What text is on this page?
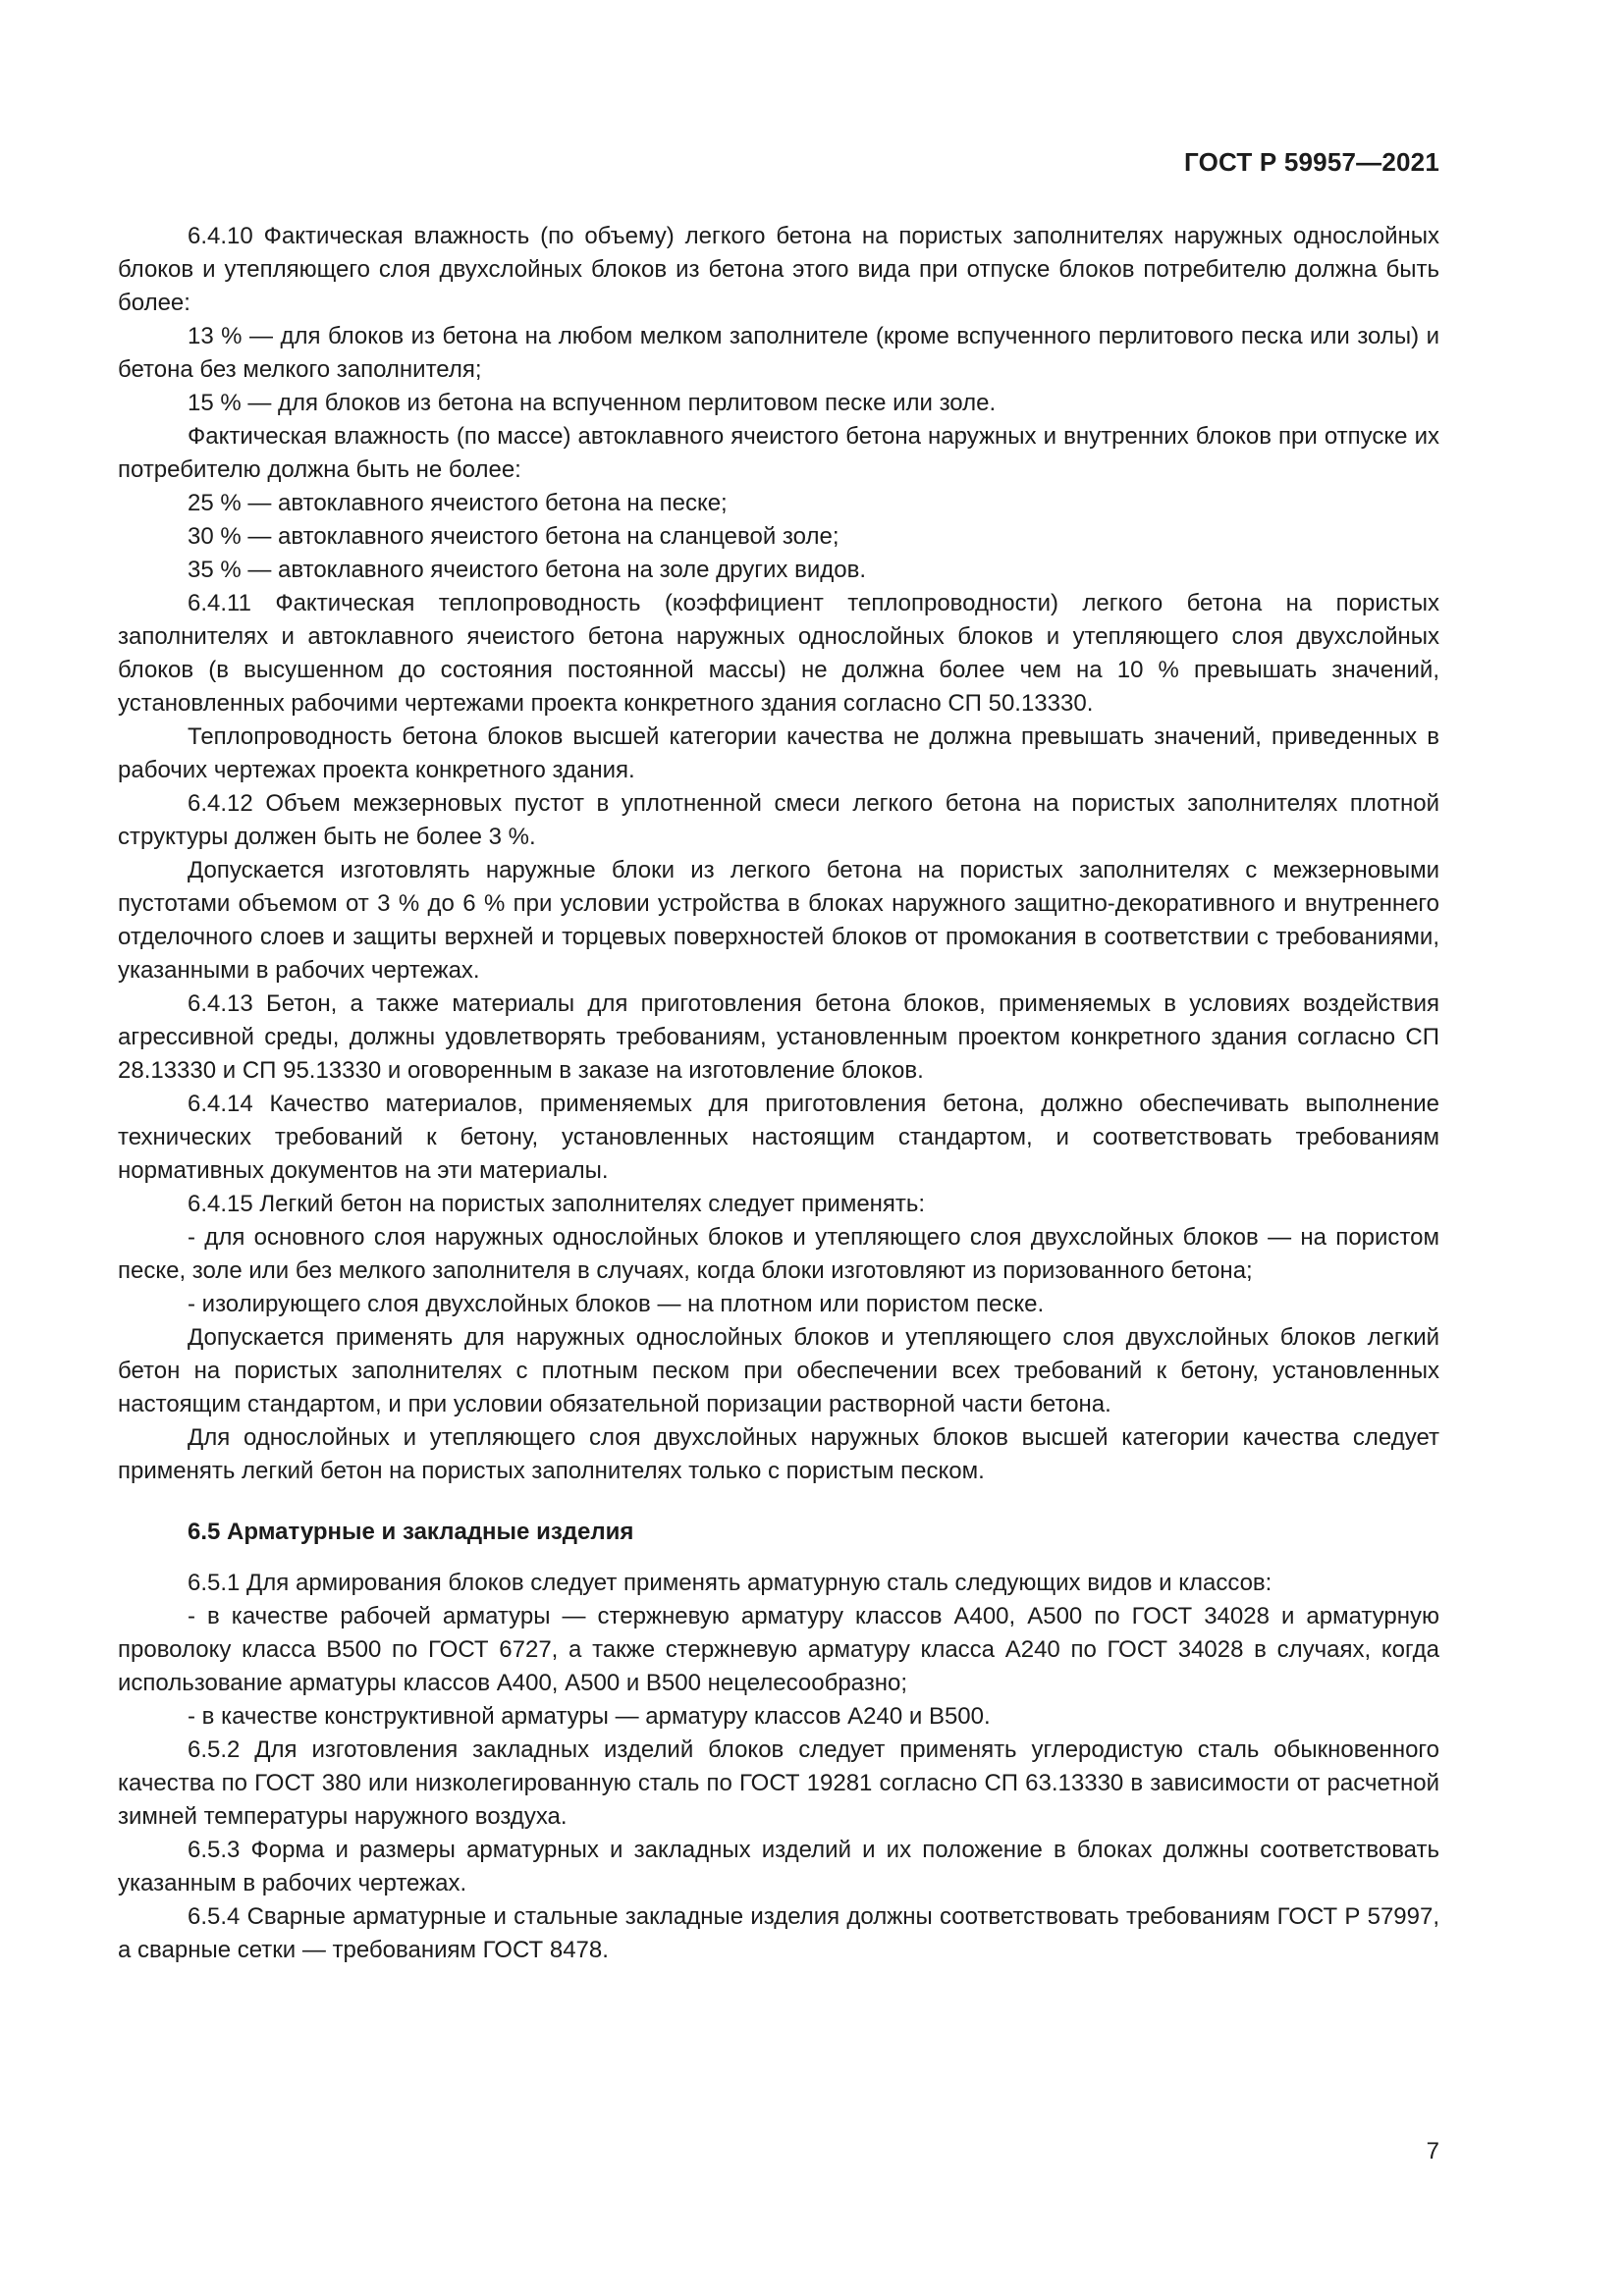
ГОСТ Р 59957—2021

6.4.10 Фактическая влажность (по объему) легкого бетона на пористых заполнителях наружных однослойных блоков и утепляющего слоя двухслойных блоков из бетона этого вида при отпуске блоков потребителю должна быть более:

13 % — для блоков из бетона на любом мелком заполнителе (кроме вспученного перлитового песка или золы) и бетона без мелкого заполнителя;

15 % — для блоков из бетона на вспученном перлитовом песке или золе.

Фактическая влажность (по массе) автоклавного ячеистого бетона наружных и внутренних блоков при отпуске их потребителю должна быть не более:

25 % — автоклавного ячеистого бетона на песке;

30 % — автоклавного ячеистого бетона на сланцевой золе;

35 % — автоклавного ячеистого бетона на золе других видов.

6.4.11 Фактическая теплопроводность (коэффициент теплопроводности) легкого бетона на пористых заполнителях и автоклавного ячеистого бетона наружных однослойных блоков и утепляющего слоя двухслойных блоков (в высушенном до состояния постоянной массы) не должна более чем на 10 % превышать значений, установленных рабочими чертежами проекта конкретного здания согласно СП 50.13330.

Теплопроводность бетона блоков высшей категории качества не должна превышать значений, приведенных в рабочих чертежах проекта конкретного здания.

6.4.12 Объем межзерновых пустот в уплотненной смеси легкого бетона на пористых заполнителях плотной структуры должен быть не более 3 %.

Допускается изготовлять наружные блоки из легкого бетона на пористых заполнителях с межзерновыми пустотами объемом от 3 % до 6 % при условии устройства в блоках наружного защитно-декоративного и внутреннего отделочного слоев и защиты верхней и торцевых поверхностей блоков от промокания в соответствии с требованиями, указанными в рабочих чертежах.

6.4.13 Бетон, а также материалы для приготовления бетона блоков, применяемых в условиях воздействия агрессивной среды, должны удовлетворять требованиям, установленным проектом конкретного здания согласно СП 28.13330 и СП 95.13330 и оговоренным в заказе на изготовление блоков.

6.4.14 Качество материалов, применяемых для приготовления бетона, должно обеспечивать выполнение технических требований к бетону, установленных настоящим стандартом, и соответствовать требованиям нормативных документов на эти материалы.

6.4.15 Легкий бетон на пористых заполнителях следует применять:

- для основного слоя наружных однослойных блоков и утепляющего слоя двухслойных блоков — на пористом песке, золе или без мелкого заполнителя в случаях, когда блоки изготовляют из поризованного бетона;

- изолирующего слоя двухслойных блоков — на плотном или пористом песке.

Допускается применять для наружных однослойных блоков и утепляющего слоя двухслойных блоков легкий бетон на пористых заполнителях с плотным песком при обеспечении всех требований к бетону, установленных настоящим стандартом, и при условии обязательной поризации растворной части бетона.

Для однослойных и утепляющего слоя двухслойных наружных блоков высшей категории качества следует применять легкий бетон на пористых заполнителях только с пористым песком.

6.5 Арматурные и закладные изделия

6.5.1 Для армирования блоков следует применять арматурную сталь следующих видов и классов:

- в качестве рабочей арматуры — стержневую арматуру классов А400, А500 по ГОСТ 34028 и арматурную проволоку класса В500 по ГОСТ 6727, а также стержневую арматуру класса А240 по ГОСТ 34028 в случаях, когда использование арматуры классов А400, А500 и В500 нецелесообразно;

- в качестве конструктивной арматуры — арматуру классов А240 и В500.

6.5.2 Для изготовления закладных изделий блоков следует применять углеродистую сталь обыкновенного качества по ГОСТ 380 или низколегированную сталь по ГОСТ 19281 согласно СП 63.13330 в зависимости от расчетной зимней температуры наружного воздуха.

6.5.3 Форма и размеры арматурных и закладных изделий и их положение в блоках должны соответствовать указанным в рабочих чертежах.

6.5.4 Сварные арматурные и стальные закладные изделия должны соответствовать требованиям ГОСТ Р 57997, а сварные сетки — требованиям ГОСТ 8478.

7
